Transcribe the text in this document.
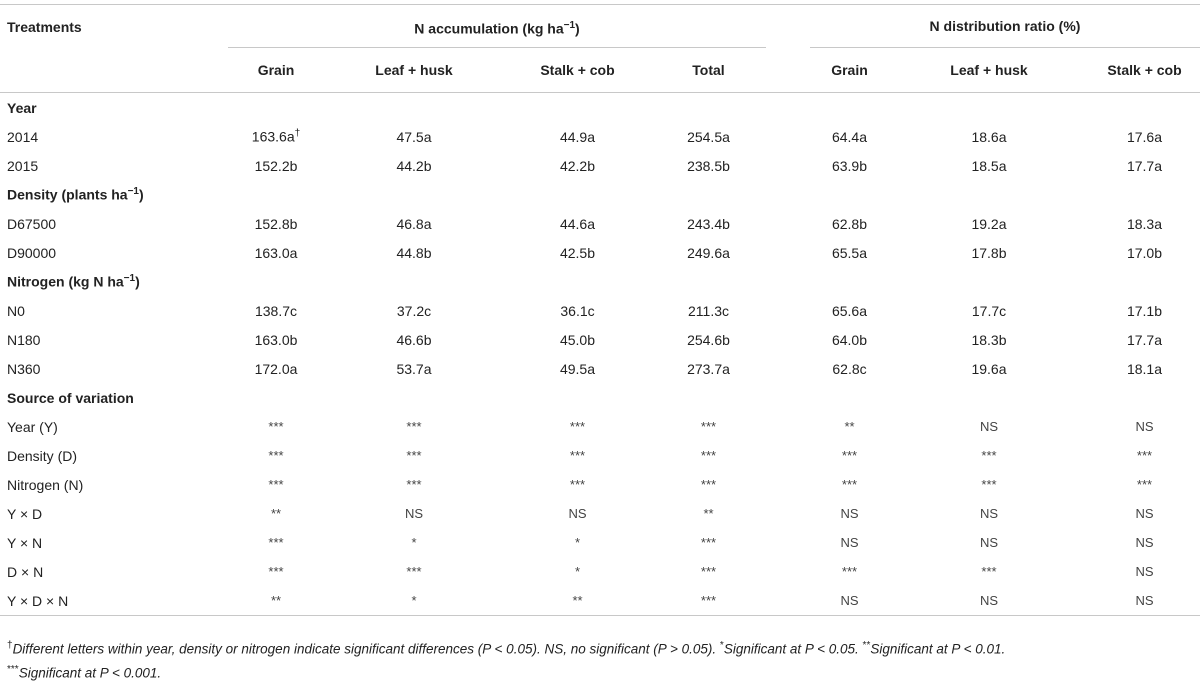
Treatments	N accumulation (kg $ha^{-1}$)					N distribution ratio (%)		

	Grain	Leaf + husk	Stalk + cob	Total		Grain	Leaf + husk	Stalk + cob
Year								
2014	163.6a†	47.5a	44.9a	254.5a		64.4a	18.6a	17.6a
2015	152.2b	44.2b	42.2b	238.5b		63.9b	18.5a	17.7a
Density (plants $ha^{-1}$)								
D67500	152.8b	46.8a	44.6a	243.4b		62.8b	19.2a	18.3a
D90000	163.0a	44.8b	42.5b	249.6a		65.5a	17.8b	17.0b
Nitrogen (kg N $ha^{-1}$)								
N0	138.7c	37.2c	36.1c	211.3c		65.6a	17.7c	17.1b
N180	163.0b	46.6b	45.0b	254.6b		64.0b	18.3b	17.7a
N360	172.0a	53.7a	49.5a	273.7a		62.8c	19.6a	18.1a
Source of variation								
Year (Y)	***	***	***	***		**	NS	NS
Density (D)	***	***	***	***		***	***	***
Nitrogen (N)	***	***	***	***		***	***	***
Y × D	**	NS	NS	**		NS	NS	NS
Y × N	***	*	*	***		NS	NS	NS
D × N	***	***	*	***		***	***	NS
Y × D × N	**	*	**	***		NS	NS	NS
†Different letters within year, density or nitrogen indicate significant differences (P < 0.05). NS, no significant (P > 0.05). *Significant at P < 0.05. **Significant at P < 0.01.
***Significant at P < 0.001.
